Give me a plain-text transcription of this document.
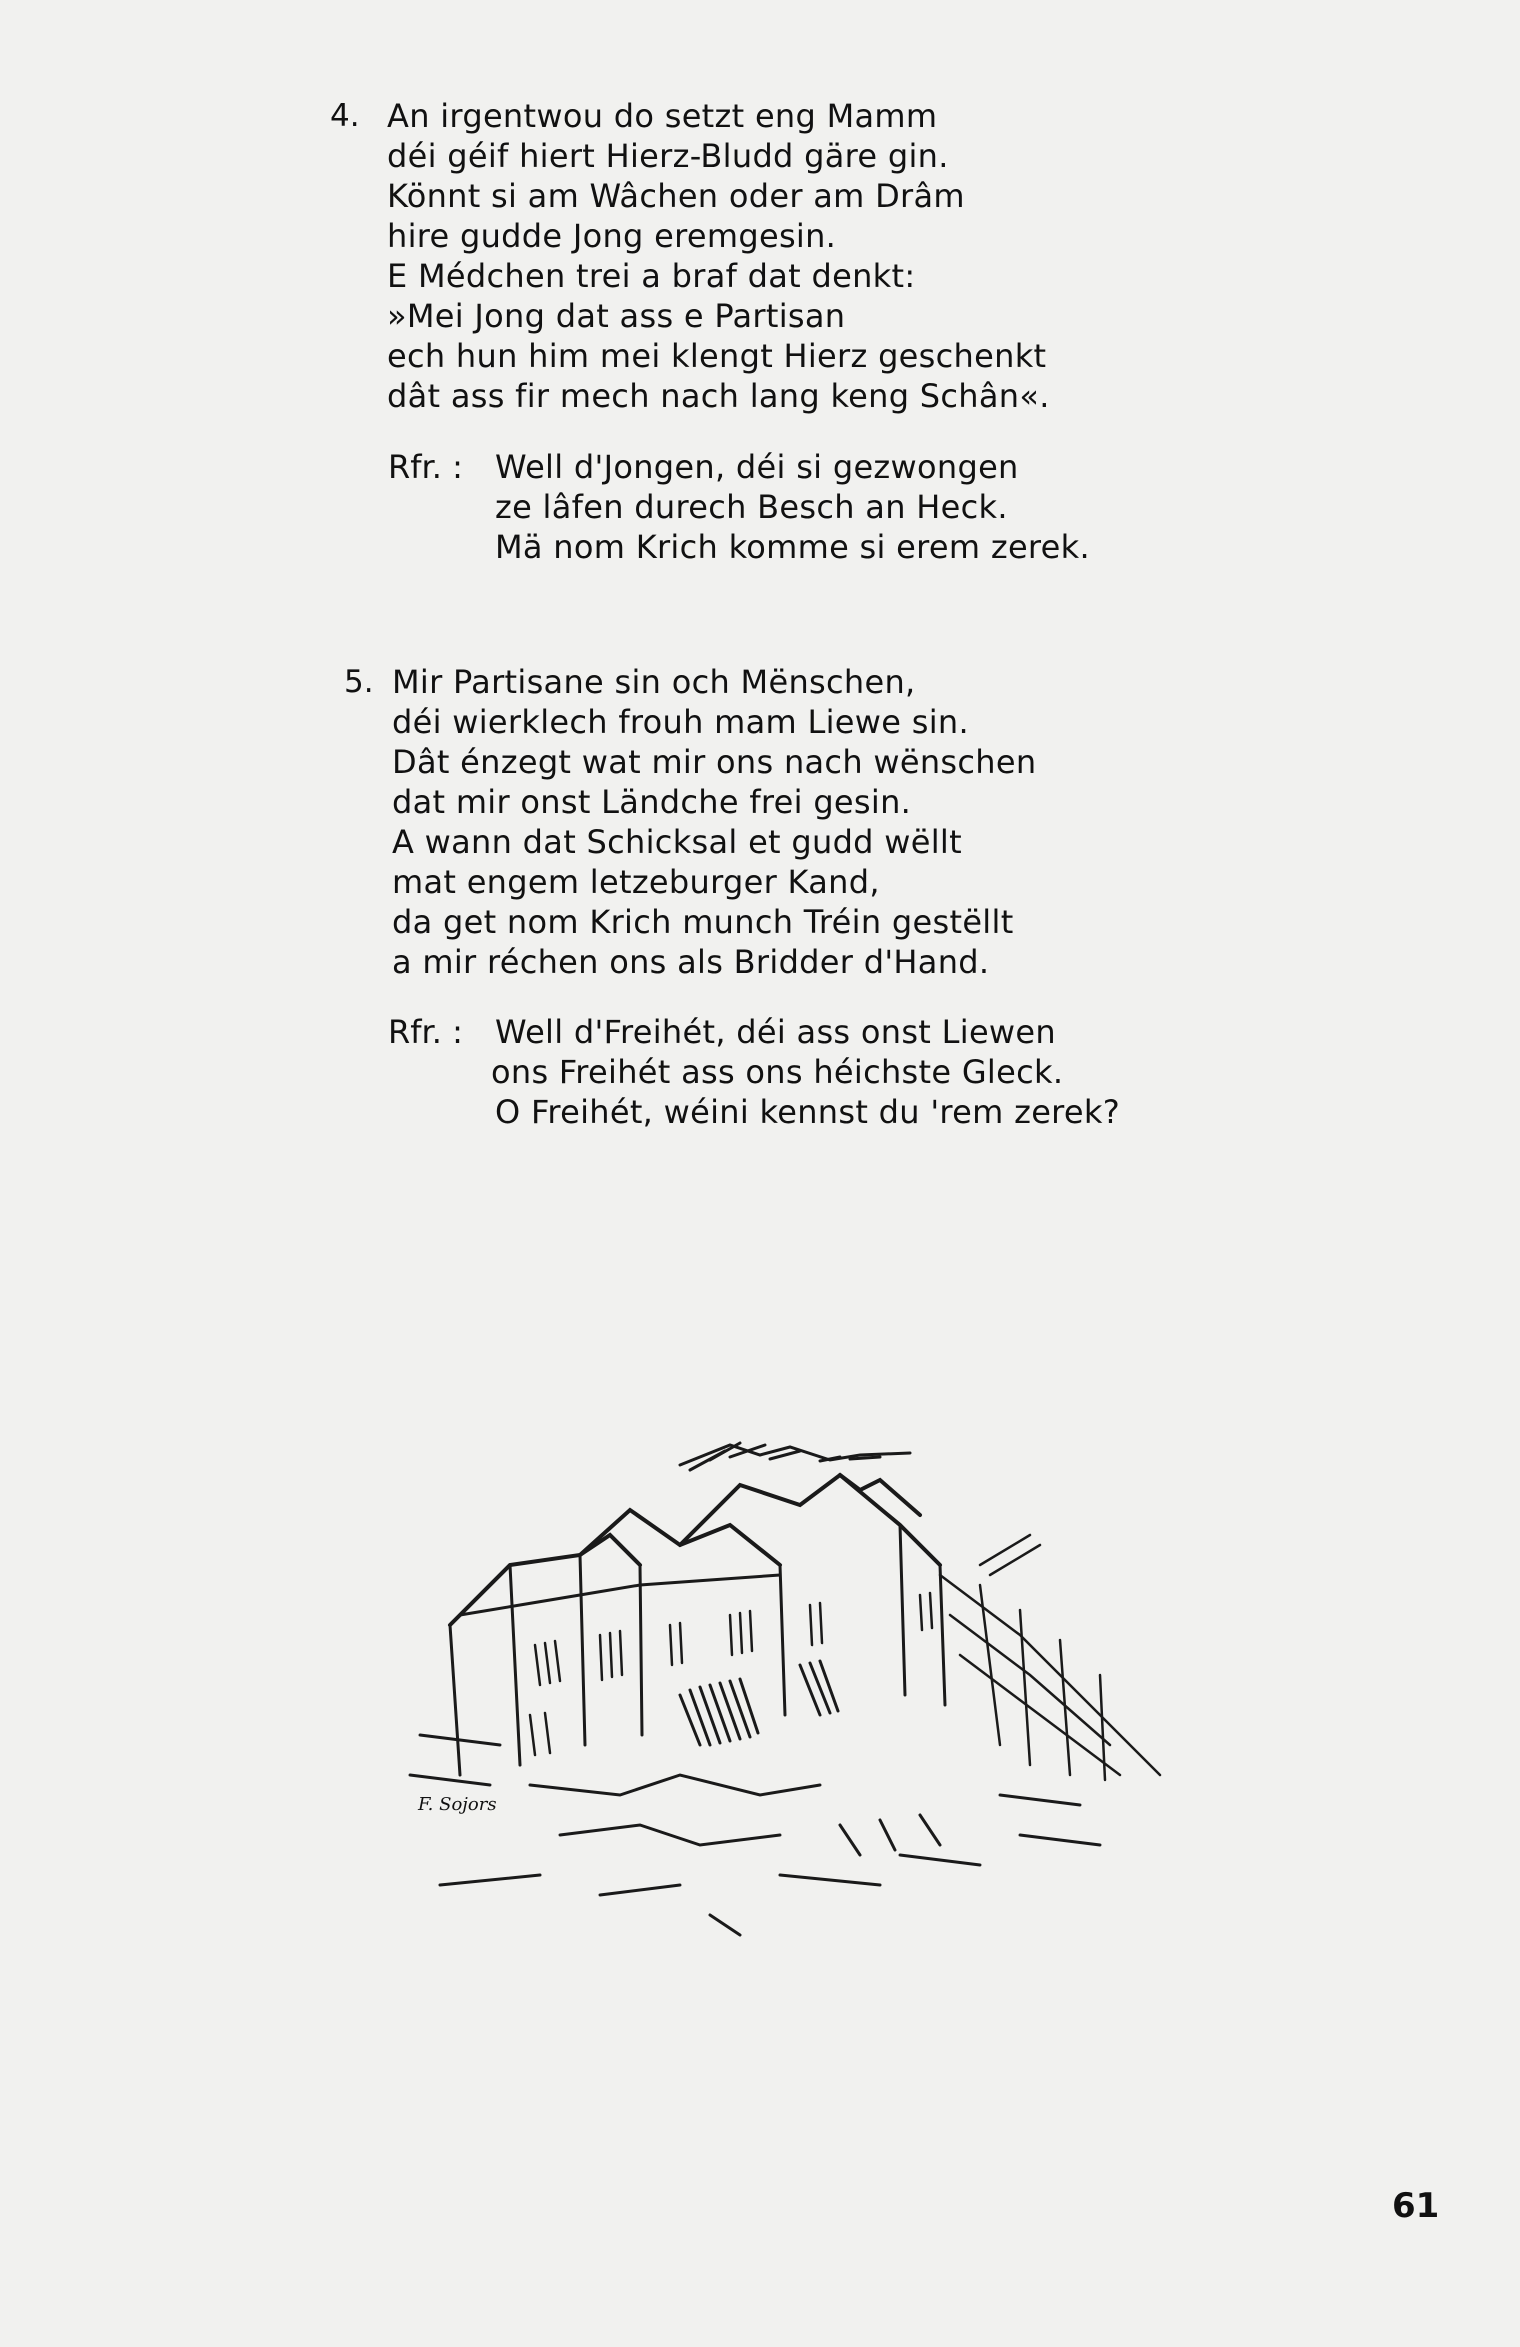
4. An irgentwou do setzt eng Mamm
déi géif hiert Hierz-Bludd gäre gin.
Könnt si am Wâchen oder am Drâm
hire gudde Jong eremgesin.
E Médchen trei a braf dat denkt:
»Mei Jong dat ass e Partisan
ech hun him mei klengt Hierz geschenkt
dât ass fir mech nach lang keng Schân«.
Rfr. : Well d'Jongen, déi si gezwongen
ze lâfen durech Besch an Heck.
Mä nom Krich komme si erem zerek.
5. Mir Partisane sin och Mënschen,
déi wierklech frouh mam Liewe sin.
Dât énzegt wat mir ons nach wënschen
dat mir onst Ländche frei gesin.
A wann dat Schicksal et gudd wëllt
mat engem letzeburger Kand,
da get nom Krich munch Tréin gestëllt
a mir réchen ons als Bridder d'Hand.
Rfr. : Well d'Freihét, déi ass onst Liewen
ons Freihét ass ons héichste Gleck.
O Freihét, wéini kennst du 'rem zerek?
F. Sojors
61
